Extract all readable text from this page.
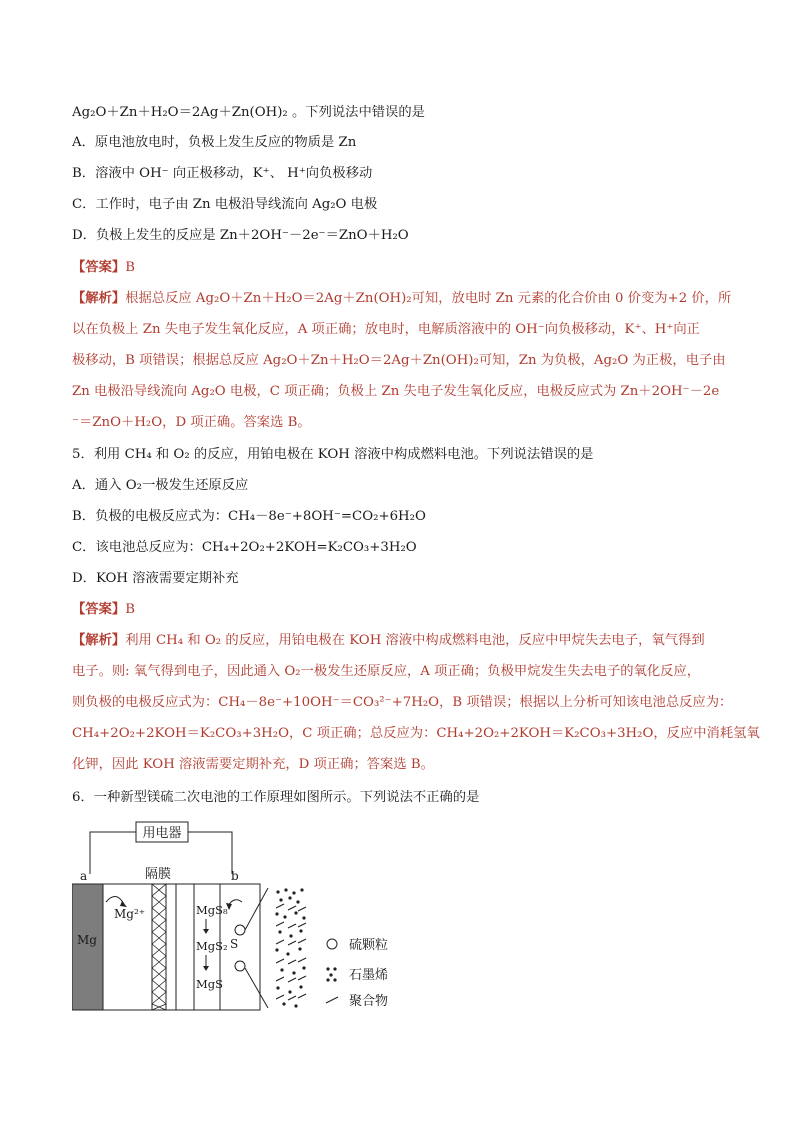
Ag₂O＋Zn＋H₂O＝2Ag＋Zn(OH)₂ 。下列说法中错误的是
A．原电池放电时，负极上发生反应的物质是 Zn
B．溶液中 OH⁻ 向正极移动，K⁺、 H⁺向负极移动
C．工作时，电子由 Zn 电极沿导线流向 Ag₂O 电极
D．负极上发生的反应是 Zn＋2OH⁻－2e⁻＝ZnO＋H₂O
【答案】B
【解析】根据总反应 Ag₂O＋Zn＋H₂O＝2Ag＋Zn(OH)₂可知，放电时 Zn 元素的化合价由 0 价变为+2 价，所
以在负极上 Zn 失电子发生氧化反应，A 项正确；放电时，电解质溶液中的 OH⁻向负极移动，K⁺、H⁺向正
极移动，B 项错误；根据总反应 Ag₂O＋Zn＋H₂O＝2Ag＋Zn(OH)₂可知，Zn 为负极，Ag₂O 为正极，电子由
Zn 电极沿导线流向 Ag₂O 电极，C 项正确；负极上 Zn 失电子发生氧化反应，电极反应式为 Zn＋2OH⁻－2e
⁻＝ZnO＋H₂O，D 项正确。答案选 B。
5．利用 CH₄ 和 O₂ 的反应，用铂电极在 KOH 溶液中构成燃料电池。下列说法错误的是
A．通入 O₂一极发生还原反应
B．负极的电极反应式为：CH₄－8e⁻+8OH⁻=CO₂+6H₂O
C．该电池总反应为：CH₄+2O₂+2KOH=K₂CO₃+3H₂O
D．KOH 溶液需要定期补充
【答案】B
【解析】利用 CH₄ 和 O₂ 的反应，用铂电极在 KOH 溶液中构成燃料电池，反应中甲烷失去电子，氧气得到
电子。则: 氧气得到电子，因此通入 O₂一极发生还原反应，A 项正确；负极甲烷发生失去电子的氧化反应，
则负极的电极反应式为：CH₄－8e⁻+10OH⁻＝CO₃²⁻+7H₂O，B 项错误；根据以上分析可知该电池总反应为：
CH₄+2O₂+2KOH＝K₂CO₃+3H₂O，C 项正确；总反应为：CH₄+2O₂+2KOH＝K₂CO₃+3H₂O，反应中消耗氢氧
化钾，因此 KOH 溶液需要定期补充，D 项正确；答案选 B。
6．一种新型镁硫二次电池的工作原理如图所示。下列说法不正确的是
用电器
a	b
隔膜
Mg
Mg²⁺	MgS₈
MgS₂
MgS
S	硫颗粒
石墨烯
聚合物
